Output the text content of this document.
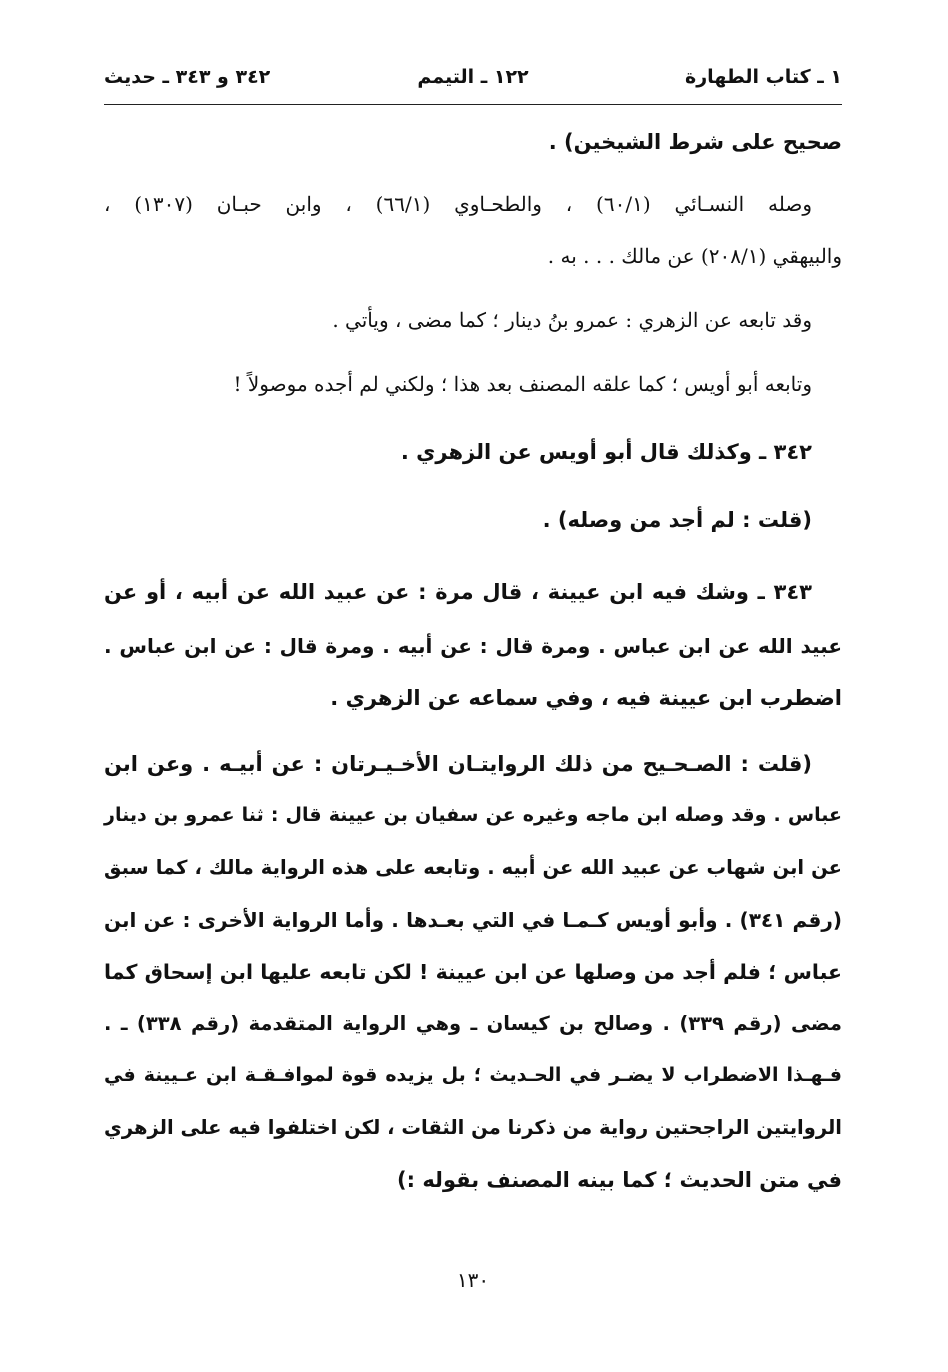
١ ـ كتاب الطهارة
١٢٢ ـ التيمم
٣٤٢ و ٣٤٣ ـ حديث
صحيح على شرط الشيخين) .
وصله النسـائي (٦٠/١) ، والطحـاوي (٦٦/١) ، وابن حبـان (١٣٠٧) ،
والبيهقي (٢٠٨/١) عن مالك . . . به .
وقد تابعه عن الزهري : عمرو بنُ دينار ؛ كما مضى ، ويأتي .
وتابعه أبو أويس ؛ كما علقه المصنف بعد هذا ؛ ولكني لم أجده موصولاً !
٣٤٢ ـ وكذلك قال أبو أويس عن الزهري .
(قلت : لم أجد من وصله) .
٣٤٣ ـ وشك فيه ابن عيينة ، قال مرة : عن عبيد الله عن أبيه ، أو عن
عبيد الله عن ابن عباس . ومرة قال : عن أبيه . ومرة قال : عن ابن عباس .
اضطرب ابن عيينة فيه ، وفي سماعه عن الزهري .
(قلت : الصـحـيح من ذلك الروايتـان الأخـيـرتان : عن أبيـه . وعن ابن
عباس . وقد وصله ابن ماجه وغيره عن سفيان بن عيينة قال : ثنا عمرو بن دينار
عن ابن شهاب عن عبيد الله عن أبيه . وتابعه على هذه الرواية مالك ، كما سبق
(رقم ٣٤١) . وأبو أويس كـمـا في التي بعـدها . وأما الرواية الأخرى : عن ابن
عباس ؛ فلم أجد من وصلها عن ابن عيينة ! لكن تابعه عليها ابن إسحاق كما
مضى (رقم ٣٣٩) . وصالح بن كيسان ـ وهي الرواية المتقدمة (رقم ٣٣٨) ـ .
فـهـذا الاضطراب لا يضـر في الحـديث ؛ بل يزيده قوة لموافـقـة ابن عـيينة في
الروايتين الراجحتين رواية من ذكرنا من الثقات ، لكن اختلفوا فيه على الزهري
في متن الحديث ؛ كما بينه المصنف بقوله :)
١٣٠
